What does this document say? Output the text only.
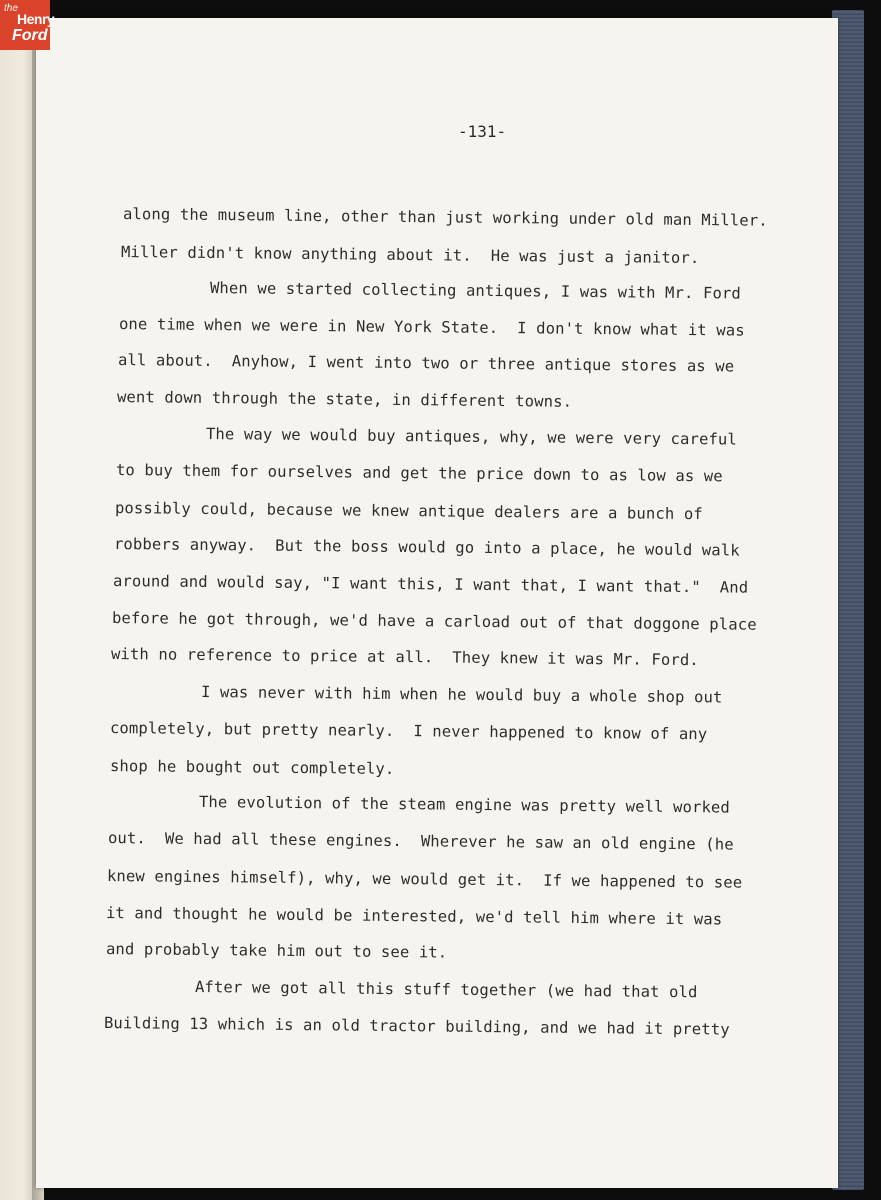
-131-
along the museum line, other than just working under old man Miller.
Miller didn't know anything about it.  He was just a janitor.
When we started collecting antiques, I was with Mr. Ford
one time when we were in New York State.  I don't know what it was
all about.  Anyhow, I went into two or three antique stores as we
went down through the state, in different towns.
The way we would buy antiques, why, we were very careful
to buy them for ourselves and get the price down to as low as we
possibly could, because we knew antique dealers are a bunch of
robbers anyway.  But the boss would go into a place, he would walk
around and would say, "I want this, I want that, I want that."  And
before he got through, we'd have a carload out of that doggone place
with no reference to price at all.  They knew it was Mr. Ford.
I was never with him when he would buy a whole shop out
completely, but pretty nearly.  I never happened to know of any
shop he bought out completely.
The evolution of the steam engine was pretty well worked
out.  We had all these engines.  Wherever he saw an old engine (he
knew engines himself), why, we would get it.  If we happened to see
it and thought he would be interested, we'd tell him where it was
and probably take him out to see it.
After we got all this stuff together (we had that old
Building 13 which is an old tractor building, and we had it pretty
the
Henry
Ford
